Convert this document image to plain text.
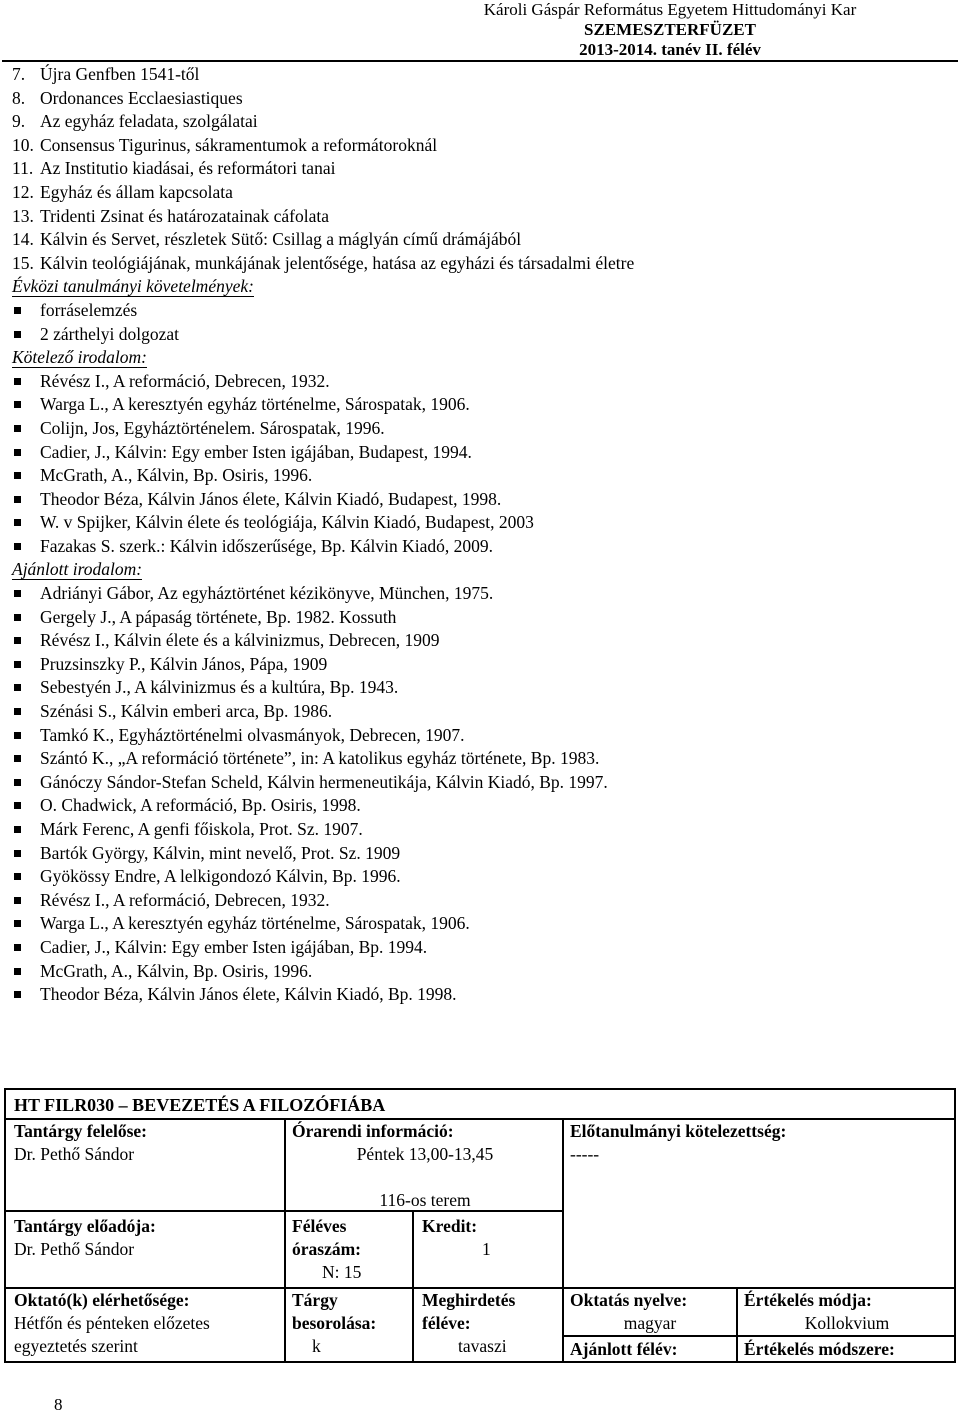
Károli Gáspár Református Egyetem Hittudományi Kar
SZEMESZTERFÜZET
2013-2014. tanév II. félév
7. Újra Genfben 1541-től
8. Ordonances Ecclaesiastiques
9. Az egyház feladata, szolgálatai
10. Consensus Tigurinus, sákramentumok a reformátoroknál
11. Az Institutio kiadásai, és reformátori tanai
12. Egyház és állam kapcsolata
13. Tridenti Zsinat és határozatainak cáfolata
14. Kálvin és Servet, részletek Sütő: Csillag a máglyán című drámájából
15. Kálvin teológiájának, munkájának jelentősége, hatása az egyházi és társadalmi életre
Évközi tanulmányi követelmények:
forráselemzés
2 zárthelyi dolgozat
Kötelező irodalom:
Révész I., A reformáció, Debrecen, 1932.
Warga L., A keresztyén egyház történelme, Sárospatak, 1906.
Colijn, Jos, Egyháztörténelem. Sárospatak, 1996.
Cadier, J., Kálvin: Egy ember Isten igájában, Budapest, 1994.
McGrath, A., Kálvin, Bp. Osiris, 1996.
Theodor Béza, Kálvin János élete, Kálvin Kiadó, Budapest, 1998.
W. v Spijker, Kálvin élete és teológiája, Kálvin Kiadó, Budapest, 2003
Fazakas S. szerk.: Kálvin időszerűsége, Bp. Kálvin Kiadó, 2009.
Ajánlott irodalom:
Adriányi Gábor, Az egyháztörténet kézikönyve, München, 1975.
Gergely J., A pápaság története, Bp. 1982. Kossuth
Révész I., Kálvin élete és a kálvinizmus, Debrecen, 1909
Pruzsinszky P., Kálvin János, Pápa, 1909
Sebestyén J., A kálvinizmus és a kultúra, Bp. 1943.
Szénási S., Kálvin emberi arca, Bp. 1986.
Tamkó K., Egyháztörténelmi olvasmányok, Debrecen, 1907.
Szántó K., „A reformáció története”, in: A katolikus egyház története, Bp. 1983.
Gánóczy Sándor-Stefan Scheld, Kálvin hermeneutikája, Kálvin Kiadó, Bp. 1997.
O. Chadwick, A reformáció, Bp. Osiris, 1998.
Márk Ferenc, A genfi főiskola, Prot. Sz. 1907.
Bartók György, Kálvin, mint nevelő, Prot. Sz. 1909
Gyökössy Endre, A lelkigondozó Kálvin, Bp. 1996.
Révész I., A reformáció, Debrecen, 1932.
Warga L., A keresztyén egyház történelme, Sárospatak, 1906.
Cadier, J., Kálvin: Egy ember Isten igájában, Bp. 1994.
McGrath, A., Kálvin, Bp. Osiris, 1996.
Theodor Béza, Kálvin János élete, Kálvin Kiadó, Bp. 1998.
HT FILR030 – BEVEZETÉS A FILOZÓFIÁBA
Tantárgy felelőse:
Dr. Pethő Sándor
Órarendi információ:
Péntek 13,00-13,45
116-os terem
Előtanulmányi kötelezettség:
-----
Tantárgy előadója:
Dr. Pethő Sándor
Féléves
óraszám:
N: 15
Kredit:
1
Oktató(k) elérhetősége:
Hétfőn és pénteken előzetes
egyeztetés szerint
Tárgy
besorolása:
k
Meghirdetés
féléve:
tavaszi
Oktatás nyelve:
magyar
Értékelés módja:
Kollokvium
Ajánlott félév:	Értékelés módszere:
8
